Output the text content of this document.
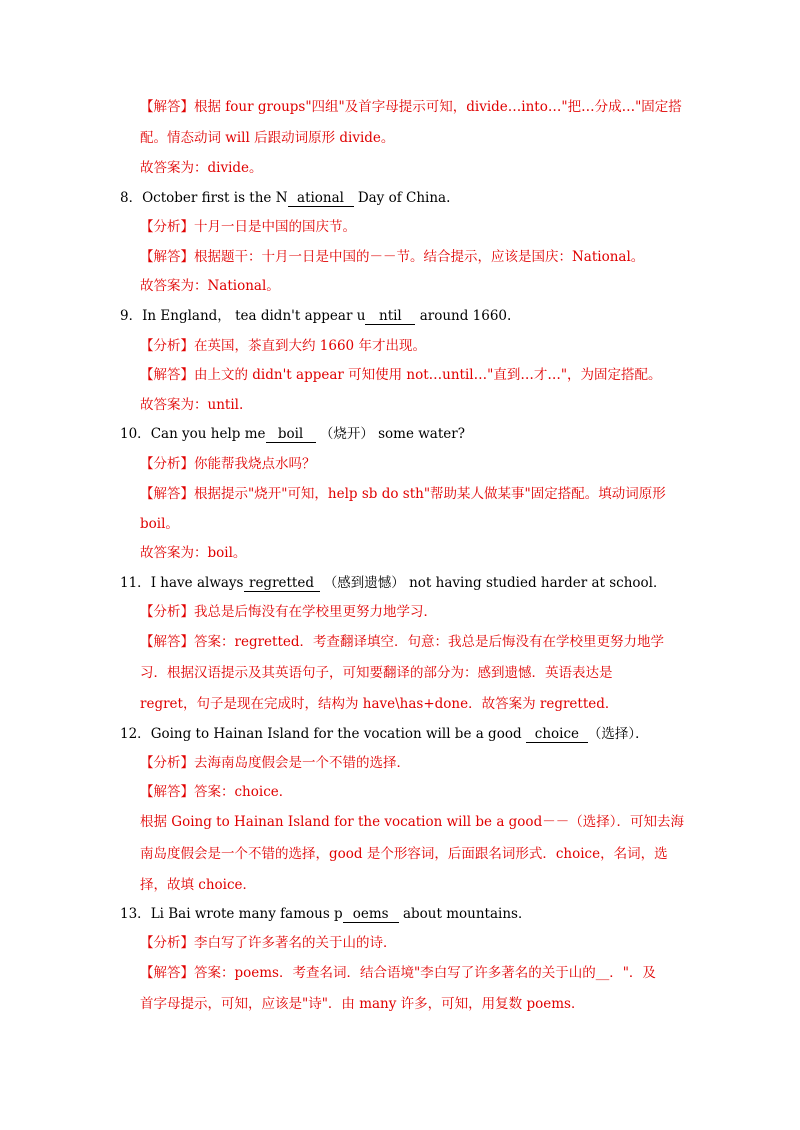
【解答】根据 four groups"四组"及首字母提示可知，divide…into…"把…分成…"固定搭
配。情态动词 will 后跟动词原形 divide。
故答案为：divide。
8．October first is the N ational Day of China.
【分析】十月一日是中国的国庆节。
【解答】根据题干：十月一日是中国的－－节。结合提示，应该是国庆：National。
故答案为：National。
9．In England， tea didn't appear u ntil around 1660.
【分析】在英国，茶直到大约 1660 年才出现。
【解答】由上文的 didn't appear 可知使用 not…until…"直到…才…"，为固定搭配。
故答案为：until.
10．Can you help me boil （烧开） some water?
【分析】你能帮我烧点水吗？
【解答】根据提示"烧开"可知，help sb do sth"帮助某人做某事"固定搭配。填动词原形
boil。
故答案为：boil。
11．I have always regretted （感到遗憾） not having studied harder at school．
【分析】我总是后悔没有在学校里更努力地学习．
【解答】答案：regretted．考查翻译填空．句意：我总是后悔没有在学校里更努力地学
习．根据汉语提示及其英语句子，可知要翻译的部分为：感到遗憾．英语表达是
regret，句子是现在完成时，结构为 have\has+done．故答案为 regretted．
12．Going to Hainan Island for the vocation will be a good choice （选择）．
【分析】去海南岛度假会是一个不错的选择．
【解答】答案：choice．
根据 Going to Hainan Island for the vocation will be a good－－（选择）．可知去海
南岛度假会是一个不错的选择，good 是个形容词，后面跟名词形式．choice，名词，选
择，故填 choice．
13．Li Bai wrote many famous p oems about mountains．
【分析】李白写了许多著名的关于山的诗．
【解答】答案：poems．考查名词．结合语境"李白写了许多著名的关于山的__．"．及
首字母提示，可知，应该是"诗"．由 many 许多，可知，用复数 poems．
